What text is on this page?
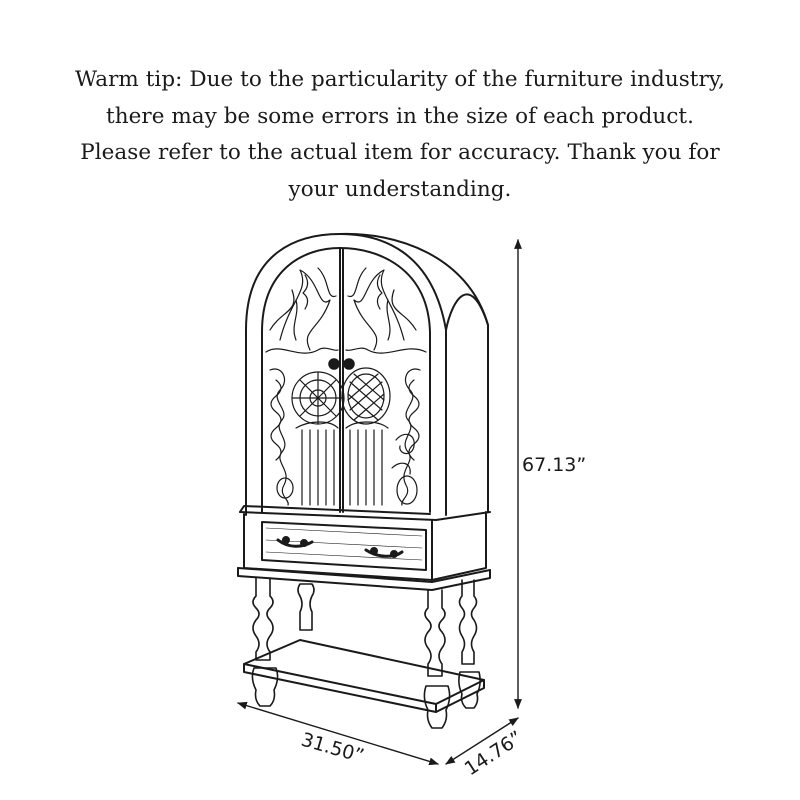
Warm tip: Due to the particularity of the furniture industry, there may be some errors in the size of each product. Please refer to the actual item for accuracy. Thank you for your understanding.
67.13”
31.50”	14.76”
